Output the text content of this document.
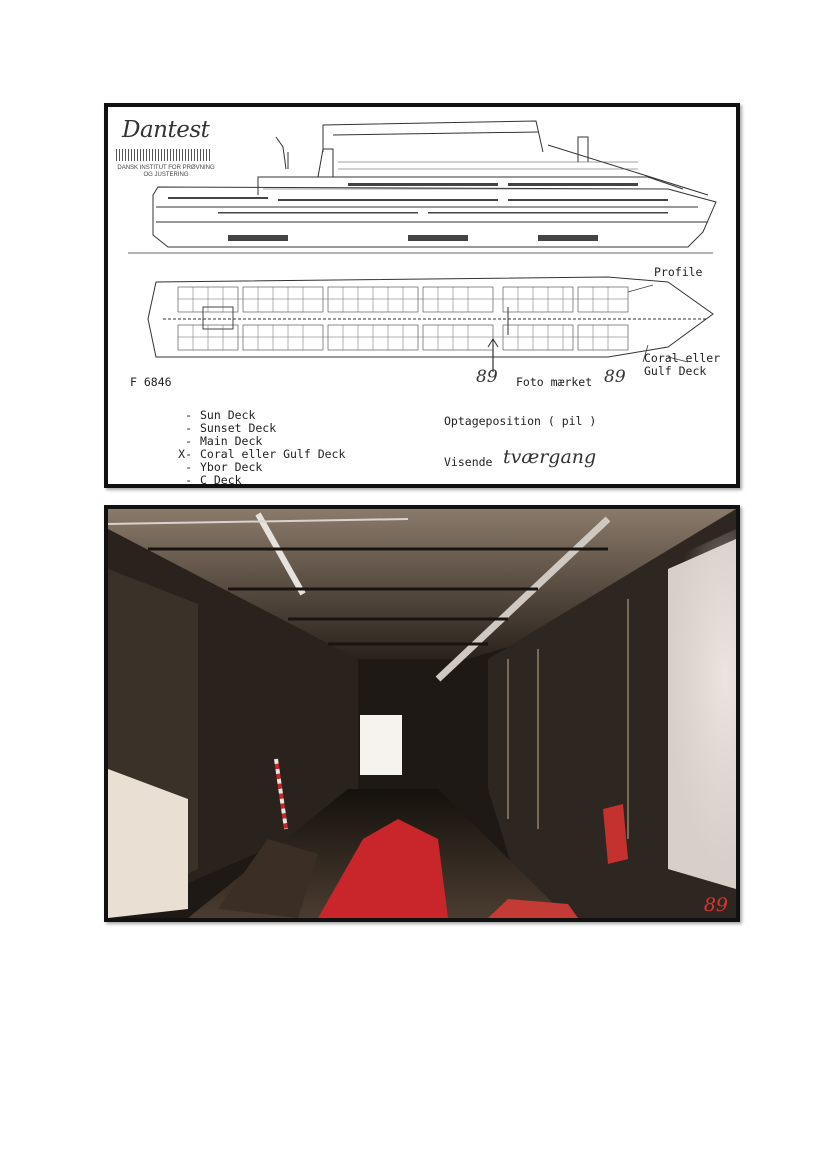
Dantest
DANSK INSTITUT FOR PRØVNING
OG JUSTERING
Profile
Coral eller
Gulf Deck
F 6846	89 Foto mærket 89
- Sun Deck
- Sunset Deck
- Main Deck
X- Coral eller Gulf Deck
- Ybor Deck
- C Deck
Optageposition ( pil )
Visende tværgang
89
